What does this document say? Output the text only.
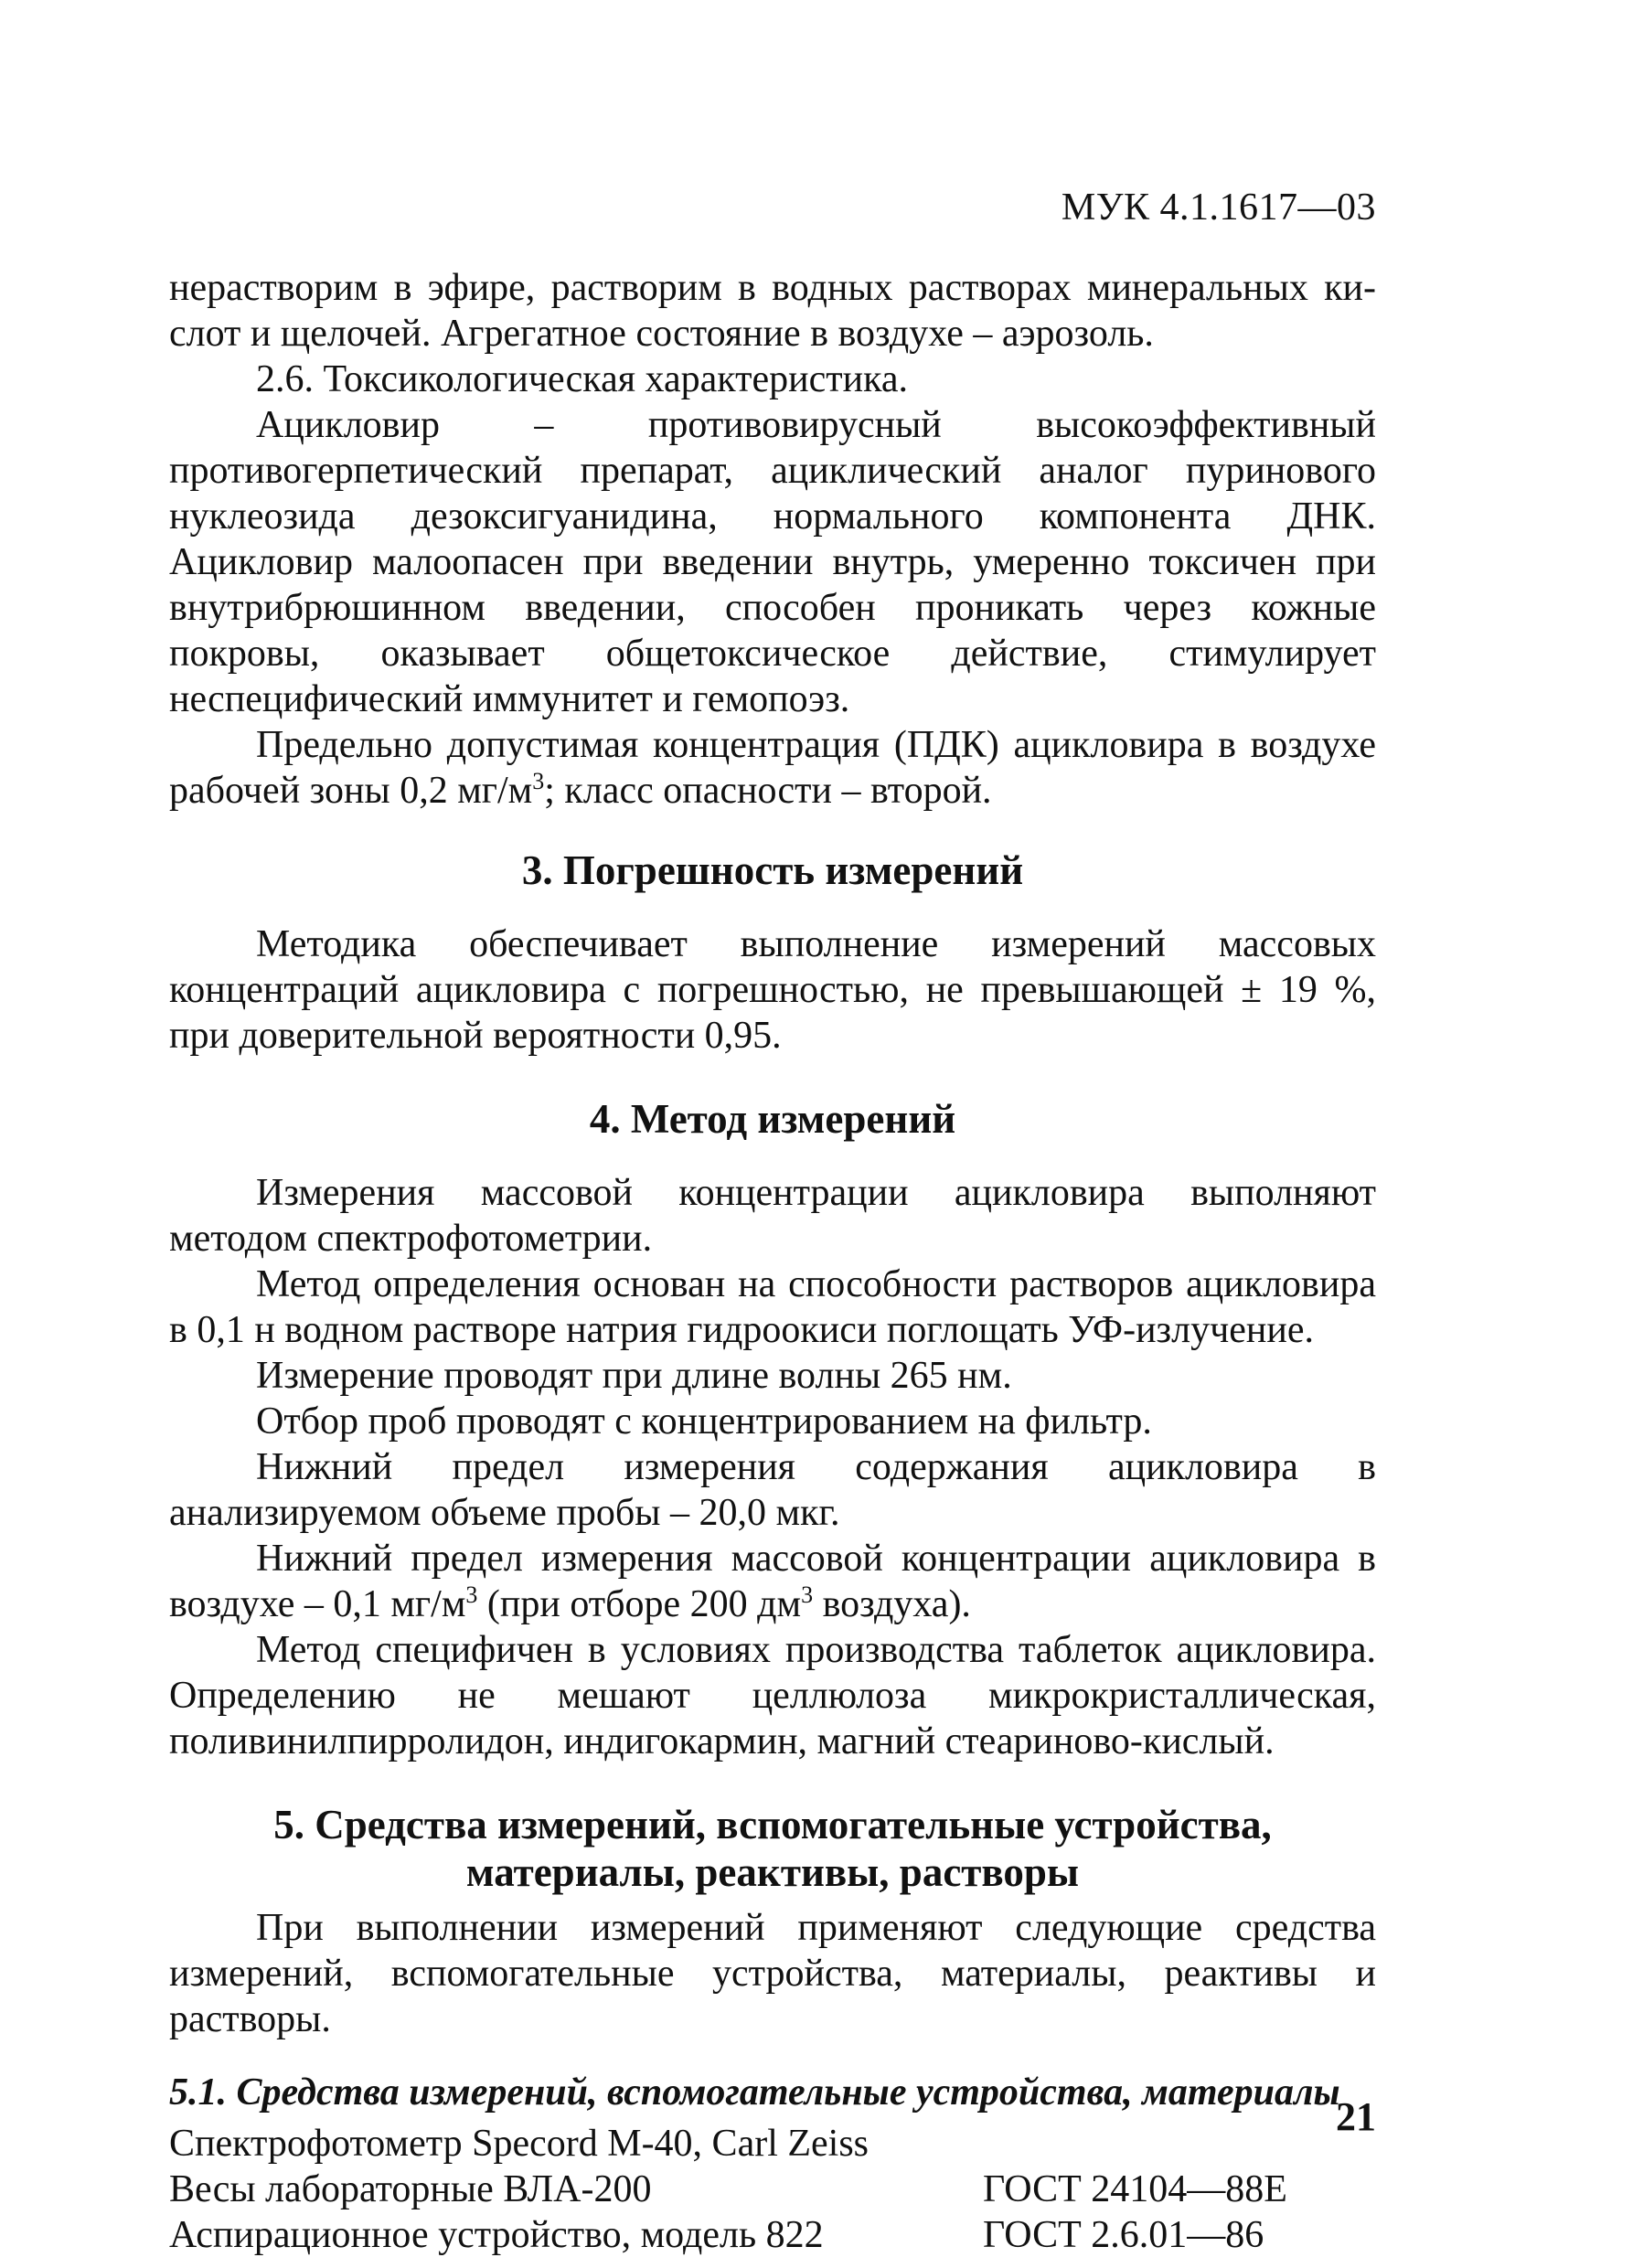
МУК 4.1.1617—03

нерастворим в эфире, растворим в водных растворах минеральных ки-

слот и щелочей. Агрегатное состояние в воздухе – аэрозоль.

2.6. Токсикологическая характеристика.

Ацикловир – противовирусный высокоэффективный противогерпетический препарат, ациклический аналог пуринового нуклеозида дезоксигуанидина, нормального компонента ДНК. Ацикловир малоопасен при введении внутрь, умеренно токсичен при внутрибрюшинном введении, способен проникать через кожные покровы, оказывает общетоксическое действие, стимулирует неспецифический иммунитет и гемопоэз.

Предельно допустимая концентрация (ПДК) ацикловира в воздухе рабочей зоны 0,2 $мг/м^3$; класс опасности – второй.

3. Погрешность измерений

Методика обеспечивает выполнение измерений массовых концентраций ацикловира с погрешностью, не превышающей ± 19 %, при доверительной вероятности 0,95.

4. Метод измерений

Измерения массовой концентрации ацикловира выполняют методом спектрофотометрии.

Метод определения основан на способности растворов ацикловира в 0,1 н водном растворе натрия гидроокиси поглощать УФ-излучение.

Измерение проводят при длине волны 265 нм.

Отбор проб проводят с концентрированием на фильтр.

Нижний предел измерения содержания ацикловира в анализируемом объеме пробы – 20,0 мкг.

Нижний предел измерения массовой концентрации ацикловира в воздухе – 0,1 $мг/м^3$ (при отборе 200 $дм^3$ воздуха).

Метод специфичен в условиях производства таблеток ацикловира. Определению не мешают целлюлоза микрокристаллическая, поливинилпирролидон, индигокармин, магний стеариново-кислый.

5. Средства измерений, вспомогательные устройства,
материалы, реактивы, растворы

При выполнении измерений применяют следующие средства измерений, вспомогательные устройства, материалы, реактивы и растворы.

5.1. Средства измерений, вспомогательные устройства, материалы
Спектрофотометр Specord M-40, Carl Zeiss
Весы лабораторные ВЛА-200	ГОСТ 24104—88Е
Аспирационное устройство, модель 822	ГОСТ 2.6.01—86
21
